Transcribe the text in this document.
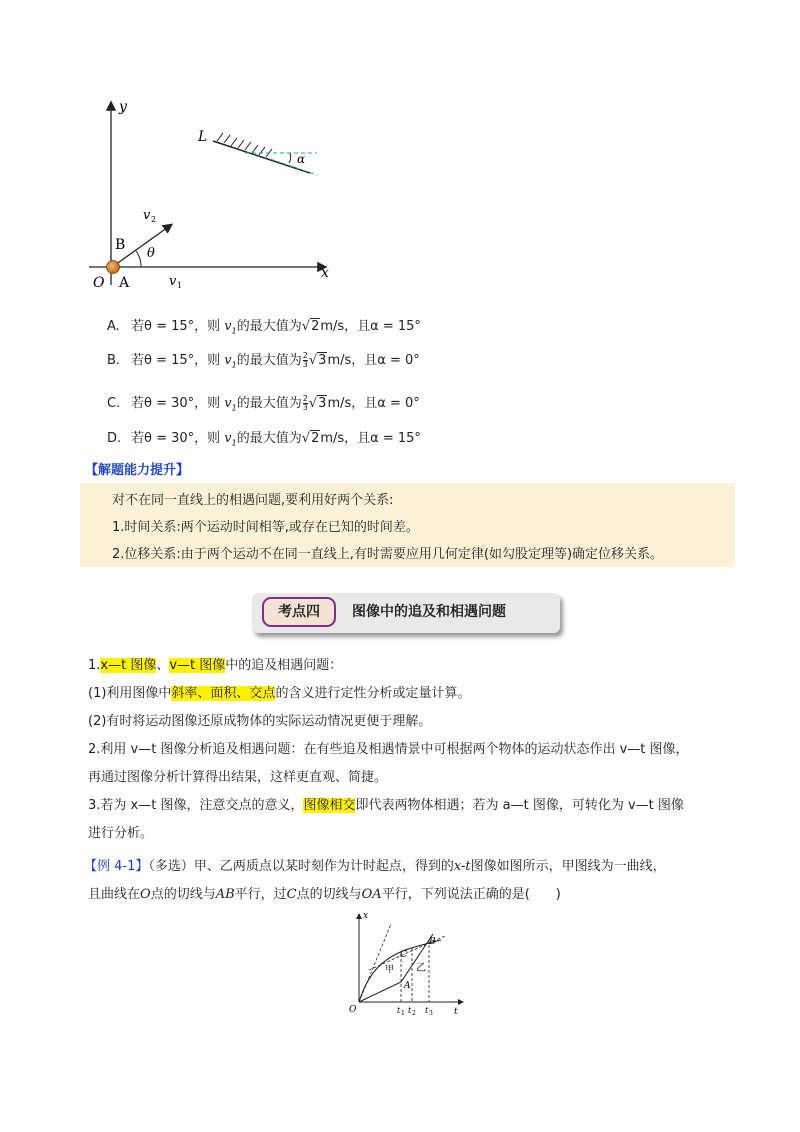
y
x
O A
B
L
α
θ
v 2
v 1
A. 若θ = 15°，则 $v_1$的最大值为√2m/s，且α = 15°
B. 若θ = 15°，则 $v_1$的最大值为 $\frac{2}{3} √3m/s$，且α = 0°
C. 若θ = 30°，则 $v_1$的最大值为 $\frac{2}{3} √3m/s$，且α = 0°
D. 若θ = 30°，则 $v_1$的最大值为√2m/s，且α = 15°
【解题能力提升】
对不在同一直线上的相遇问题,要利用好两个关系:
1.时间关系:两个运动时间相等,或存在已知的时间差。
2.位移关系:由于两个运动不在同一直线上,有时需要应用几何定律(如勾股定理等)确定位移关系。
考点四	图像中的追及和相遇问题
1.x—t 图像、v—t 图像中的追及相遇问题：
(1)利用图像中斜率、面积、交点的含义进行定性分析或定量计算。
(2)有时将运动图像还原成物体的实际运动情况更便于理解。
2.利用 v—t 图像分析追及相遇问题：在有些追及相遇情景中可根据两个物体的运动状态作出 v—t 图像，
再通过图像分析计算得出结果，这样更直观、简捷。
3.若为 x—t 图像，注意交点的意义，图像相交即代表两物体相遇；若为 a—t 图像，可转化为 v—t 图像
进行分析。
【例 4-1】（多选）甲、乙两质点以某时刻作为计时起点，得到的x-t图像如图所示，甲图线为一曲线，
且曲线在O点的切线与AB平行，过C点的切线与OA平行，下列说法正确的是(　　)
x
t
O
C
B
A
甲 乙
t 1 t 2 t 3
